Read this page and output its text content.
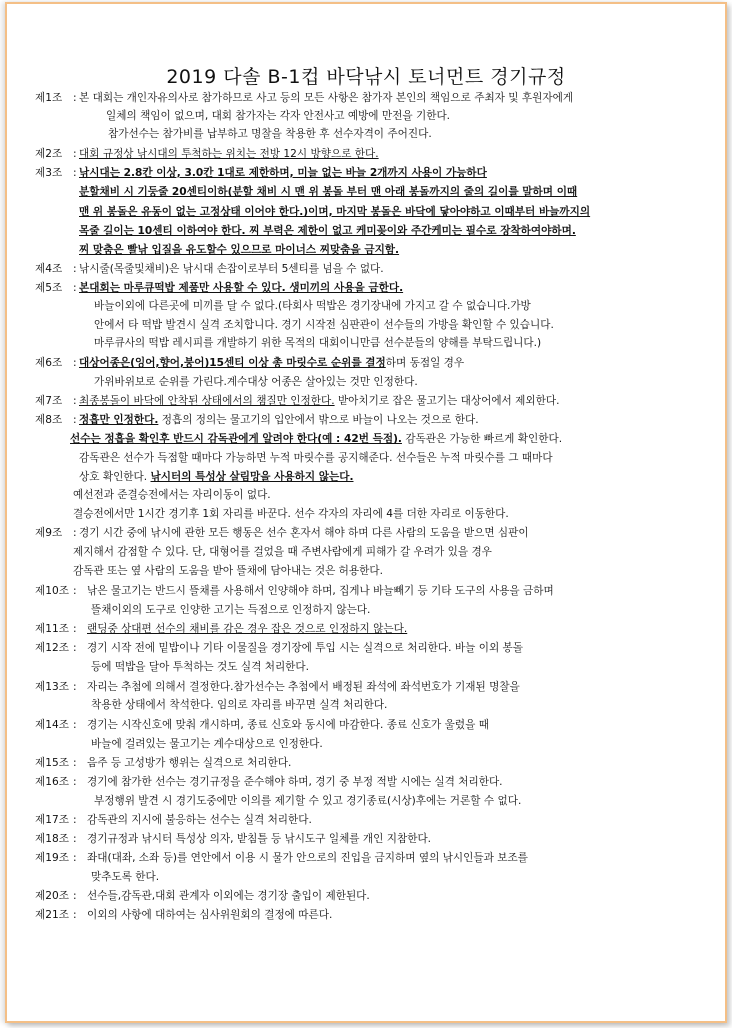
2019 다솔 B-1컵 바닥낚시 토너먼트 경기규정
제1조 : 본 대회는 개인자유의사로 참가하므로 사고 등의 모든 사항은 참가자 본인의 책임으로 주최자 및 후원자에게
일체의 책임이 없으며, 대회 참가자는 각자 안전사고 예방에 만전을 기한다.
참가선수는 참가비를 납부하고 명찰을 착용한 후 선수자격이 주어진다.
제2조 : 대회 규정상 낚시대의 투척하는 위치는 전방 12시 방향으로 한다.
제3조 : 낚시대는 2.8칸 이상, 3.0칸 1대로 제한하며, 미늘 없는 바늘 2개까지 사용이 가능하다
분할채비 시 기둥줄 20센티이하(분할 채비 시 맨 위 봉돌 부터 맨 아래 봉돌까지의 줄의 길이를 말하며 이때
맨 위 봉돌은 유동이 없는 고정상태 이어야 한다.)이며, 마지막 봉돌은 바닥에 닿아야하고 이때부터 바늘까지의
목줄 길이는 10센티 이하여야 한다. 찌 부력은 제한이 없고 케미꽂이와 주간케미는 필수로 장착하여야하며.
찌 맞춤은 빨낚 입질을 유도할수 있으므로 마이너스 찌맞춤을 금지함.
제4조 : 낚시줄(목줄및채비)은 낚시대 손잡이로부터 5센티를 넘을 수 없다.
제5조 : 본대회는 마루큐떡밥 제품만 사용할 수 있다. 생미끼의 사용을 금한다.
바늘이외에 다른곳에 미끼를 달 수 없다.(타회사 떡밥은 경기장내에 가지고 갈 수 없습니다.가방
안에서 타 떡밥 발견시 실격 조치합니다. 경기 시작전 심판관이 선수들의 가방을 확인할 수 있습니다.
마루큐사의 떡밥 레시피를 개발하기 위한 목적의 대회이니만큼 선수분들의 양해를 부탁드립니다.)
제6조 : 대상어종은(잉어,향어,붕어)15센티 이상 총 마릿수로 순위를 결정하며 동점일 경우
가위바위보로 순위를 가린다.계수대상 어종은 살아있는 것만 인정한다.
제7조 : 최종봉돌이 바닥에 안착된 상태에서의 챔질만 인정한다. 받아치기로 잡은 물고기는 대상어에서 제외한다.
제8조 : 정흡만 인정한다. 정흡의 정의는 물고기의 입안에서 밖으로 바늘이 나오는 것으로 한다.
선수는 정흡을 확인후 반드시 감독관에게 알려야 한다(예 : 42번 득점). 감독관은 가능한 빠르게 확인한다.
감독관은 선수가 득점할 때마다 가능하면 누적 마릿수를 공지해준다. 선수들은 누적 마릿수를 그 때마다
상호 확인한다. 낚시터의 특성상 살림망을 사용하지 않는다.
예선전과 준결승전에서는 자리이동이 없다.
결승전에서만 1시간 경기후 1회 자리를 바꾼다. 선수 각자의 자리에 4를 더한 자리로 이동한다.
제9조 : 경기 시간 중에 낚시에 관한 모든 행동은 선수 혼자서 해야 하며 다른 사람의 도움을 받으면 심판이
제지해서 감점할 수 있다. 단, 대형어를 걸었을 때 주변사람에게 피해가 갈 우려가 있을 경우
감독관 또는 옆 사람의 도움을 받아 뜰채에 담아내는 것은 허용한다.
제10조 : 낚은 물고기는 반드시 뜰채를 사용해서 인양해야 하며, 집게나 바늘빼기 등 기타 도구의 사용을 금하며
뜰채이외의 도구로 인양한 고기는 득점으로 인정하지 않는다.
제11조 : 랜딩중 상대편 선수의 채비를 감은 경우 잡은 것으로 인정하지 않는다.
제12조 : 경기 시작 전에 밑밥이나 기타 이물질을 경기장에 투입 시는 실격으로 처리한다. 바늘 이외 봉돌
등에 떡밥을 달아 투척하는 것도 실격 처리한다.
제13조 : 자리는 추첨에 의해서 결정한다.참가선수는 추첨에서 배정된 좌석에 좌석번호가 기재된 명찰을
착용한 상태에서 착석한다. 임의로 자리를 바꾸면 실격 처리한다.
제14조 : 경기는 시작신호에 맞춰 개시하며, 종료 신호와 동시에 마감한다. 종료 신호가 울렸을 때
바늘에 걸려있는 물고기는 계수대상으로 인정한다.
제15조 : 음주 등 고성방가 행위는 실격으로 처리한다.
제16조 : 경기에 참가한 선수는 경기규정을 준수해야 하며, 경기 중 부정 적발 시에는 실격 처리한다.
부정행위 발견 시 경기도중에만 이의를 제기할 수 있고 경기종료(시상)후에는 거론할 수 없다.
제17조 : 감독관의 지시에 불응하는 선수는 실격 처리한다.
제18조 : 경기규정과 낚시터 특성상 의자, 받침틀 등 낚시도구 일체를 개인 지참한다.
제19조 : 좌대(대좌, 소좌 등)를 연안에서 이용 시 물가 안으로의 진입을 금지하며 옆의 낚시인들과 보조를
맞추도록 한다.
제20조 : 선수들,감독관,대회 관계자 이외에는 경기장 출입이 제한된다.
제21조 : 이외의 사항에 대하여는 심사위원회의 결정에 따른다.
